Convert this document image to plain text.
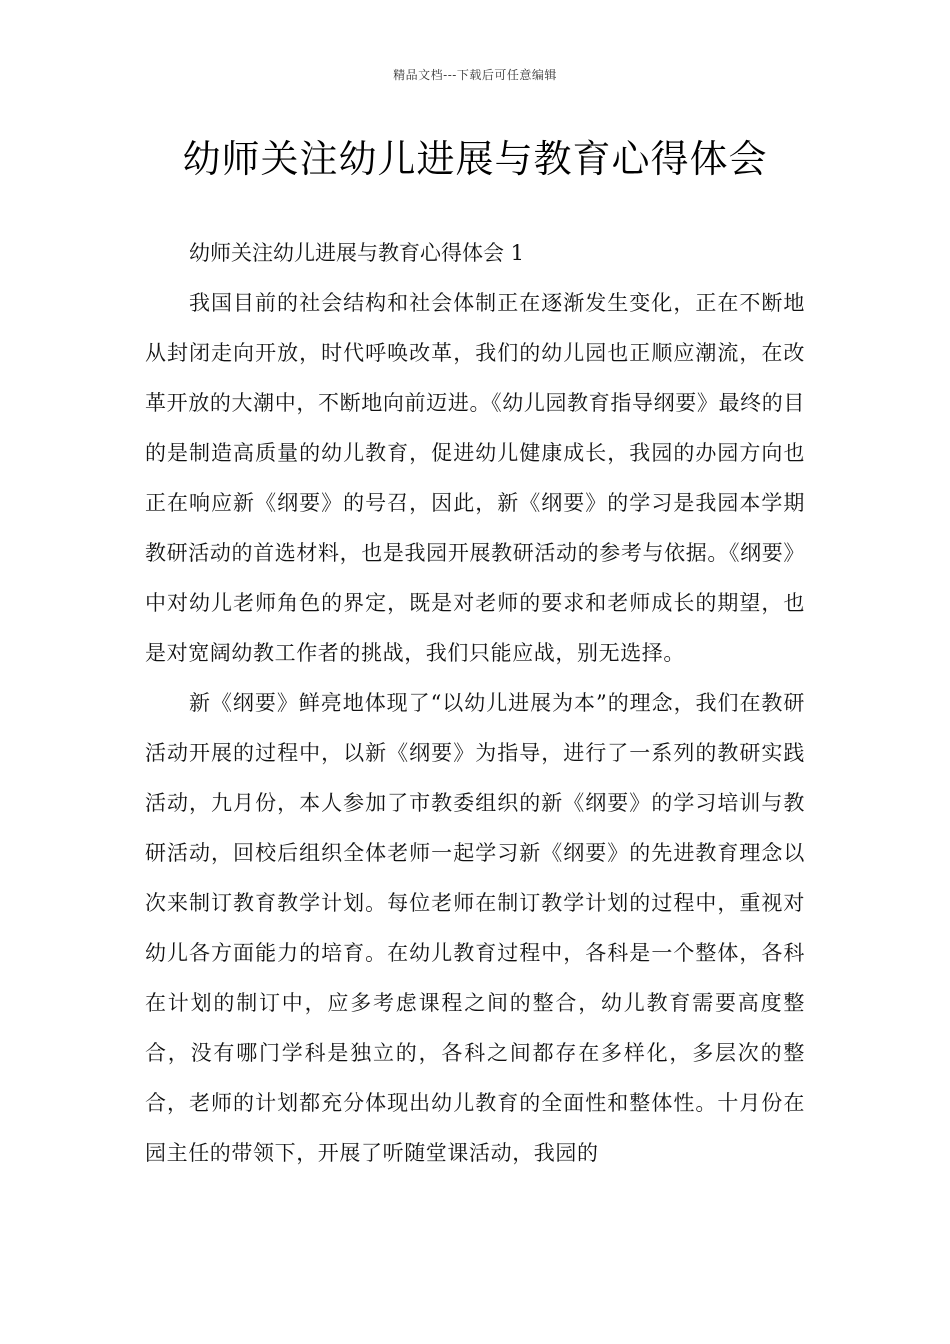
精品文档---下载后可任意编辑
幼师关注幼儿进展与教育心得体会

幼师关注幼儿进展与教育心得体会 1

我国目前的社会结构和社会体制正在逐渐发生变化，正在不断地从封闭走向开放，时代呼唤改革，我们的幼儿园也正顺应潮流，在改革开放的大潮中，不断地向前迈进。《幼儿园教育指导纲要》最终的目的是制造高质量的幼儿教育，促进幼儿健康成长，我园的办园方向也正在响应新《纲要》的号召，因此，新《纲要》的学习是我园本学期教研活动的首选材料，也是我园开展教研活动的参考与依据。《纲要》中对幼儿老师角色的界定，既是对老师的要求和老师成长的期望，也是对宽阔幼教工作者的挑战，我们只能应战，别无选择。

新《纲要》鲜亮地体现了“以幼儿进展为本”的理念，我们在教研活动开展的过程中，以新《纲要》为指导，进行了一系列的教研实践活动，九月份，本人参加了市教委组织的新《纲要》的学习培训与教研活动，回校后组织全体老师一起学习新《纲要》的先进教育理念以次来制订教育教学计划。每位老师在制订教学计划的过程中，重视对幼儿各方面能力的培育。在幼儿教育过程中，各科是一个整体，各科在计划的制订中，应多考虑课程之间的整合，幼儿教育需要高度整合，没有哪门学科是独立的，各科之间都存在多样化，多层次的整合，老师的计划都充分体现出幼儿教育的全面性和整体性。十月份在园主任的带领下，开展了听随堂课活动，我园的
